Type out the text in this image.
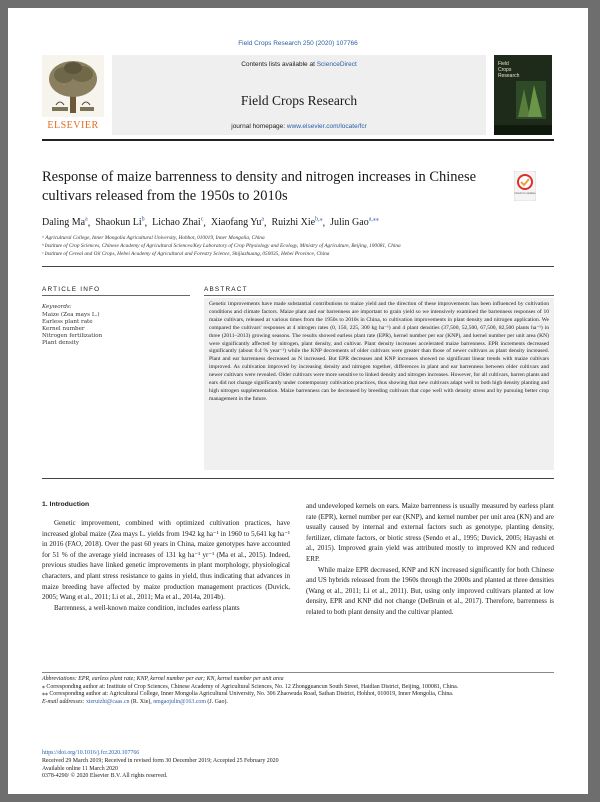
Field Crops Research 250 (2020) 107766
ELSEVIER
Contents lists available at ScienceDirect
Field Crops Research
journal homepage: www.elsevier.com/locate/fcr
Field
Crops
Research
Response of maize barrenness to density and nitrogen increases in Chinese cultivars released from the 1950s to 2010s	Check for updates
Daling Ma$^a$,  Shaokun Li$^b$,  Lichao Zhai$^c$,  Xiaofang Yu$^a$,  Ruizhi Xie$^{b,⁎}$,  Julin Gao$^{a,⁎⁎}$
ᵃ Agricultural College, Inner Mongolia Agricultural University, Hohhot, 010019, Inner Mongolia, China
ᵇ Institute of Crop Sciences, Chinese Academy of Agricultural Sciences/Key Laboratory of Crop Physiology and Ecology, Ministry of Agriculture, Beijing, 100081, China
ᶜ Institute of Cereal and Oil Crops, Hebei Academy of Agricultural and Forestry Science, Shijiazhuang, 050035, Hebei Province, China
ARTICLE INFO	ABSTRACT
Keywords:
Maize (Zea mays L.)
Earless plant rate
Kernel number
Nitrogen fertilization
Plant density
Genetic improvements have made substantial contributions to maize yield and the direction of these improvements has been influenced by cultivation conditions and climate factors. Maize plant and ear barrenness are important to grain yield so we intensively examined the barrenness responses of 10 maize cultivars, released at various times from the 1950s to 2010s in China, to cultivation improvements in plant density and nitrogen application. We compared the cultivars' responses at 4 nitrogen rates (0, 150, 225, 300 kg ha⁻¹) and 4 plant densities (37,500, 52,500, 67,500, 82,500 plants ha⁻¹) in three (2011–2013) growing seasons. The results showed earless plant rate (EPR), kernel number per ear (KNP), and kernel number per unit area (KN) were significantly affected by nitrogen, plant density, and cultivar. Plant density increases accelerated maize barrenness. EPR increments decreased significantly (about 0.4 % year⁻¹) while the KNP decrements of older cultivars were greater than those of newer cultivars as plant density increased. Plant and ear barrenness decreased as N increased. But EPR decreases and KNP increases showed no significant linear trends with maize cultivars improved. As cultivation improved by increasing density and nitrogen together, differences in plant and ear barrenness between older cultivars and newer cultivars were revealed. Older cultivars were more sensitive to linked density and nitrogen increases. However, for all cultivars, barren plants and ears did not change significantly under contemporary cultivation practices, thus showing that new cultivars adapt well to both high density planting and high nitrogen supplementation. Maize barrenness can be decreased by breeding cultivars that cope well with density stress and by pursuing better crop management in the future.
1. Introduction

Genetic improvement, combined with optimized cultivation practices, have increased global maize (Zea mays L. yields from 1942 kg ha⁻¹ in 1960 to 5,641 kg ha⁻¹ in 2016 (FAO, 2018). Over the past 60 years in China, maize genotypes have accounted for 51 % of the average yield increases of 131 kg ha⁻¹ yr⁻¹ (Ma et al., 2015). Indeed, previous studies have linked genetic improvements in plant morphology, physiological characters, and plant stress resistance to gains in yield, thus indicating that advances in maize breeding have affected by maize production management practices (Duvick, 2005; Wang et al., 2011; Li et al., 2011; Ma et al., 2014a, 2014b).

Barrenness, a well-known maize condition, includes earless plants

and undeveloped kernels on ears. Maize barrenness is usually measured by earless plant rate (EPR), kernel number per ear (KNP), and kernel number per unit area (KN) and are usually caused by internal and external factors such as genotype, planting density, fertilizer, climate factors, or biotic stress (Sendo et al., 1995; Duvick, 2005; Hayashi et al., 2015). Improved grain yield was attributed mostly to improved KN and reduced ERP.

While maize EPR decreased, KNP and KN increased significantly for both Chinese and US hybrids released from the 1960s through the 2000s and planted at three densities (Wang et al., 2011; Li et al., 2011). But, using only improved cultivars planted at low density, EPR and KNP did not change (DeBruin et al., 2017). Therefore, barrenness is related to both plant density and the cultivar planted.

Abbreviations: EPR, earless plant rate; KNP, kernel number per ear; KN, kernel number per unit area

⁎ Corresponding author at: Institute of Crop Sciences, Chinese Academy of Agricultural Sciences, No. 12 Zhongguancun South Street, Haidian District, Beijing, 100081, China.

⁎⁎ Corresponding author at: Agricultural College, Inner Mongolia Agricultural University, No. 306 Zhaowuda Road, Saihan District, Hohhot, 010019, Inner Mongolia, China.

E-mail addresses: xieruizhi@caas.cn (R. Xie), nmgaojulin@163.com (J. Gao).

https://doi.org/10.1016/j.fcr.2020.107766

Received 29 March 2019; Received in revised form 30 December 2019; Accepted 25 February 2020

Available online 11 March 2020

0378-4290/ © 2020 Elsevier B.V. All rights reserved.
